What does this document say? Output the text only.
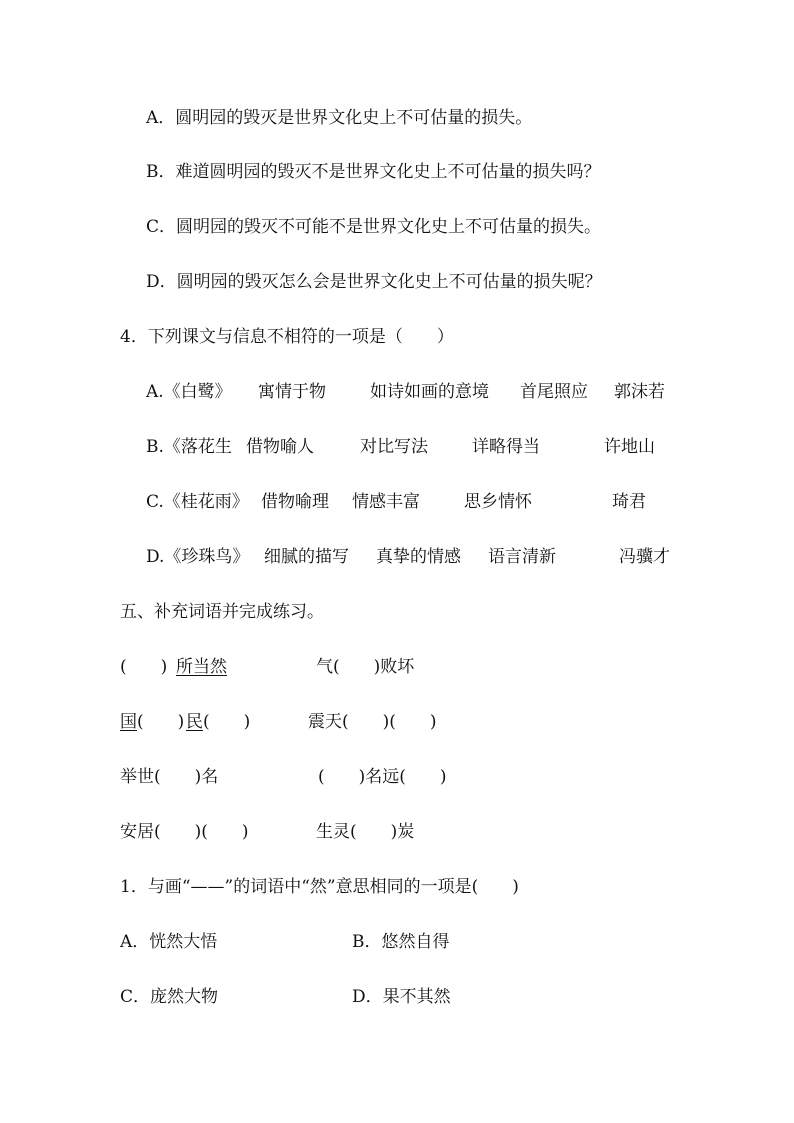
A．圆明园的毁灭是世界文化史上不可估量的损失。
B．难道圆明园的毁灭不是世界文化史上不可估量的损失吗？
C．圆明园的毁灭不可能不是世界文化史上不可估量的损失。
D．圆明园的毁灭怎么会是世界文化史上不可估量的损失呢？
4．下列课文与信息不相符的一项是（　　）
A.《白鹭》 寓情于物	如诗如画的意境 首尾照应 郭沫若
B.《落花生 借物喻人	对比写法	详略得当	许地山
C.《桂花雨》 借物喻理 情感丰富	思乡情怀	琦君
D.《珍珠鸟》 细腻的描写 真挚的情感 语言清新	冯骥才
五、补充词语并完成练习。
(　　) 所当然	气(　　)败坏
国 (　　) 民 (　　)	震天(　　)(　　)
举世(　　)名	(　　)名远(　　)
安居(　　)(　　)	生灵(　　)炭
1．与画“——”的词语中“然”意思相同的一项是(　　)
A．恍然大悟	B．悠然自得
C．庞然大物	D．果不其然
